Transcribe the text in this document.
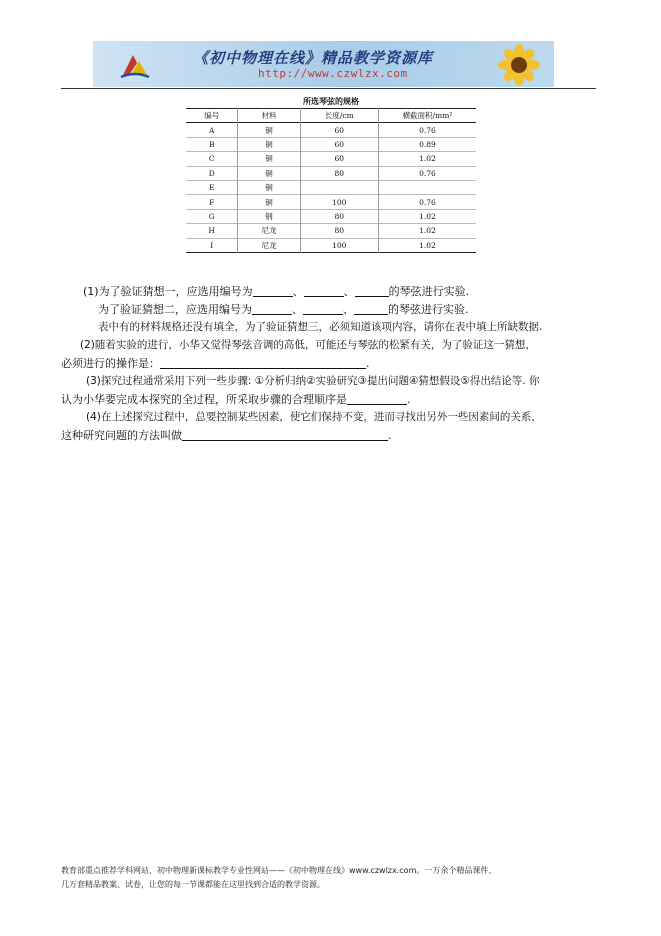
《初中物理在线》精品教学资源库
http://www.czwlzx.com
所选琴弦的规格
编号	材料	长度/cm	横截面积/mm²
A	铜	60	0.76
B	铜	60	0.89
C	铜	60	1.02
D	铜	80	0.76
E	铜		
F	铜	100	0.76
G	钢	80	1.02
H	尼龙	80	1.02
I	尼龙	100	1.02
(1)为了验证猜想一，应选用编号为	、	、	的琴弦进行实验.
为了验证猜想二，应选用编号为	、	、	的琴弦进行实验.
表中有的材料规格还没有填全，为了验证猜想三，必须知道该项内容，请你在表中填上所缺数据.
(2)随着实验的进行，小华又觉得琴弦音调的高低，可能还与琴弦的松紧有关，为了验证这一猜想，
必须进行的操作是：	.
(3)探究过程通常采用下列一些步骤: ①分析归纳②实验研究③提出问题④猜想假设⑤得出结论等. 你
认为小华要完成本探究的全过程，所采取步骤的合理顺序是	.
(4)在上述探究过程中，总要控制某些因素，使它们保持不变，进而寻找出另外一些因素间的关系，
这种研究问题的方法叫做	.
教育部重点推荐学科网站、初中物理新课标教学专业性网站——《初中物理在线》www.czwlzx.com。一万余个精品课件、
几万套精品教案、试卷，让您的每一节课都能在这里找到合适的教学资源。
